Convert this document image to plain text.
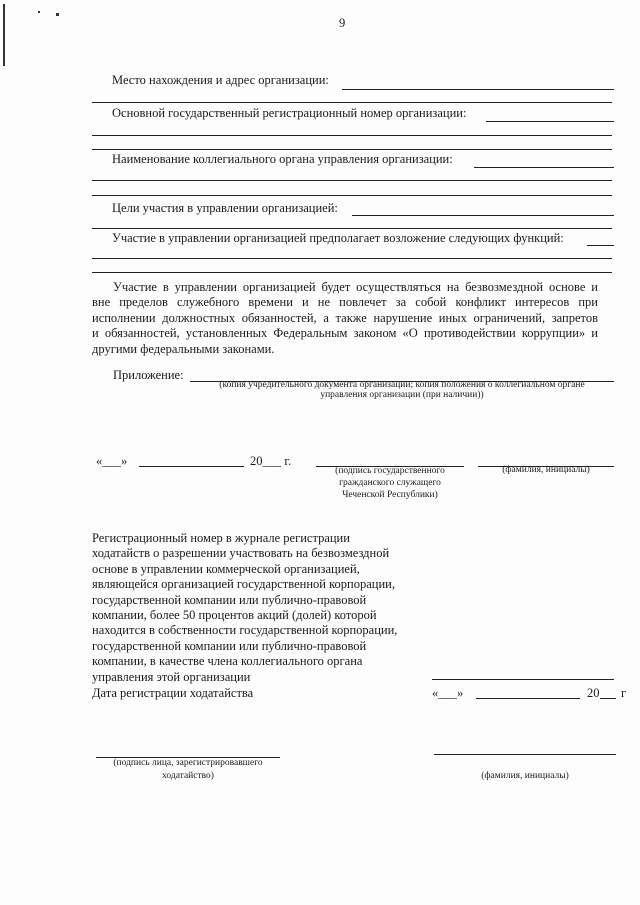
9
Место нахождения и адрес организации:
Основной государственный регистрационный номер организации:
Наименование коллегиального органа управления организации:
Цели участия в управлении организацией:
Участие в управлении организацией предполагает возложение следующих функций:
Участие в управлении организацией будет осуществляться на безвозмездной основе и
вне пределов служебного времени и не повлечет за собой конфликт интересов при
исполнении должностных обязанностей, а также нарушение иных ограничений, запретов
и обязанностей, установленных Федеральным законом «О противодействии коррупции» и
другими федеральными законами.
Приложение:
(копия учредительного документа организации; копия положения о коллегиальном органе
управления организации (при наличии))
«___»	20___ г.
(подпись государственного
гражданского служащего
Чеченской Республики)
(фамилия, инициалы)
Регистрационный номер в журнале регистрации
ходатайств о разрешении участвовать на безвозмездной
основе в управлении коммерческой организацией,
являющейся организацией государственной корпорации,
государственной компании или публично-правовой
компании, более 50 процентов акций (долей) которой
находится в собственности государственной корпорации,
государственной компании или публично-правовой
компании, в качестве члена коллегиального органа
управления этой организации
Дата регистрации ходатайства	«___»	20 г
(подпись лица, зарегистрировавшего
ходатайство)	(фамилия, инициалы)
